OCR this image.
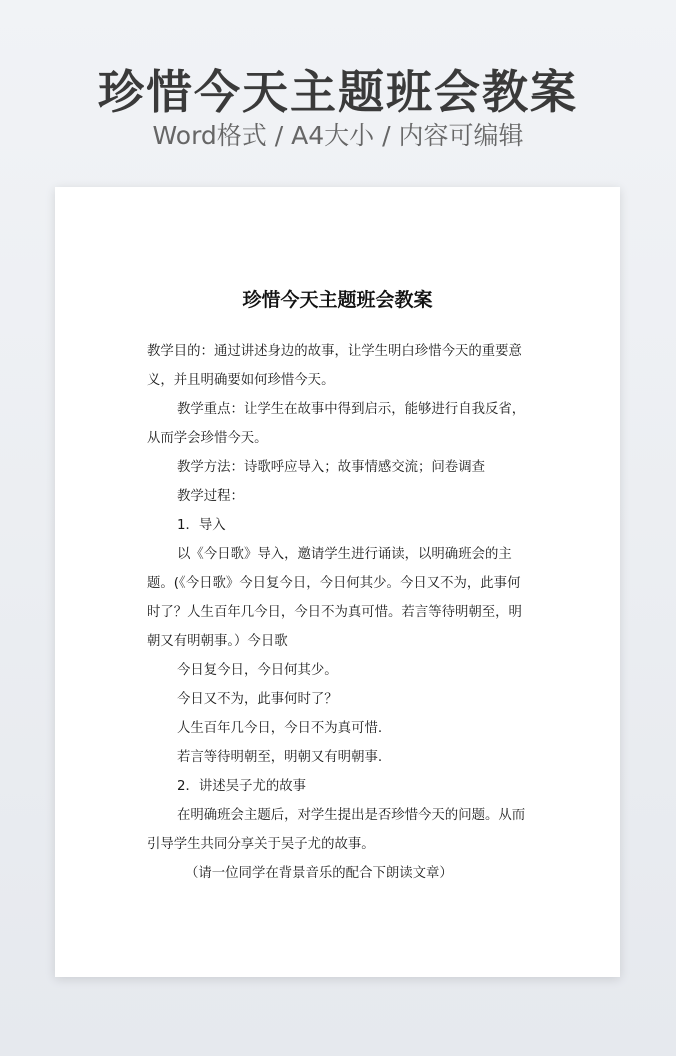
珍惜今天主题班会教案
Word格式 / A4大小 / 内容可编辑
珍惜今天主题班会教案

教学目的：通过讲述身边的故事，让学生明白珍惜今天的重要意义，并且明确要如何珍惜今天。

教学重点：让学生在故事中得到启示，能够进行自我反省，从而学会珍惜今天。

教学方法：诗歌呼应导入；故事情感交流；问卷调查

教学过程：

1．导入

以《今日歌》导入，邀请学生进行诵读，以明确班会的主题。(《今日歌》今日复今日，今日何其少。今日又不为，此事何时了？人生百年几今日，今日不为真可惜。若言等待明朝至，明朝又有明朝事。）今日歌

今日复今日，今日何其少。

今日又不为，此事何时了？

人生百年几今日，今日不为真可惜.

若言等待明朝至，明朝又有明朝事.

2．讲述吴子尤的故事

在明确班会主题后，对学生提出是否珍惜今天的问题。从而引导学生共同分享关于吴子尤的故事。

（请一位同学在背景音乐的配合下朗读文章）
